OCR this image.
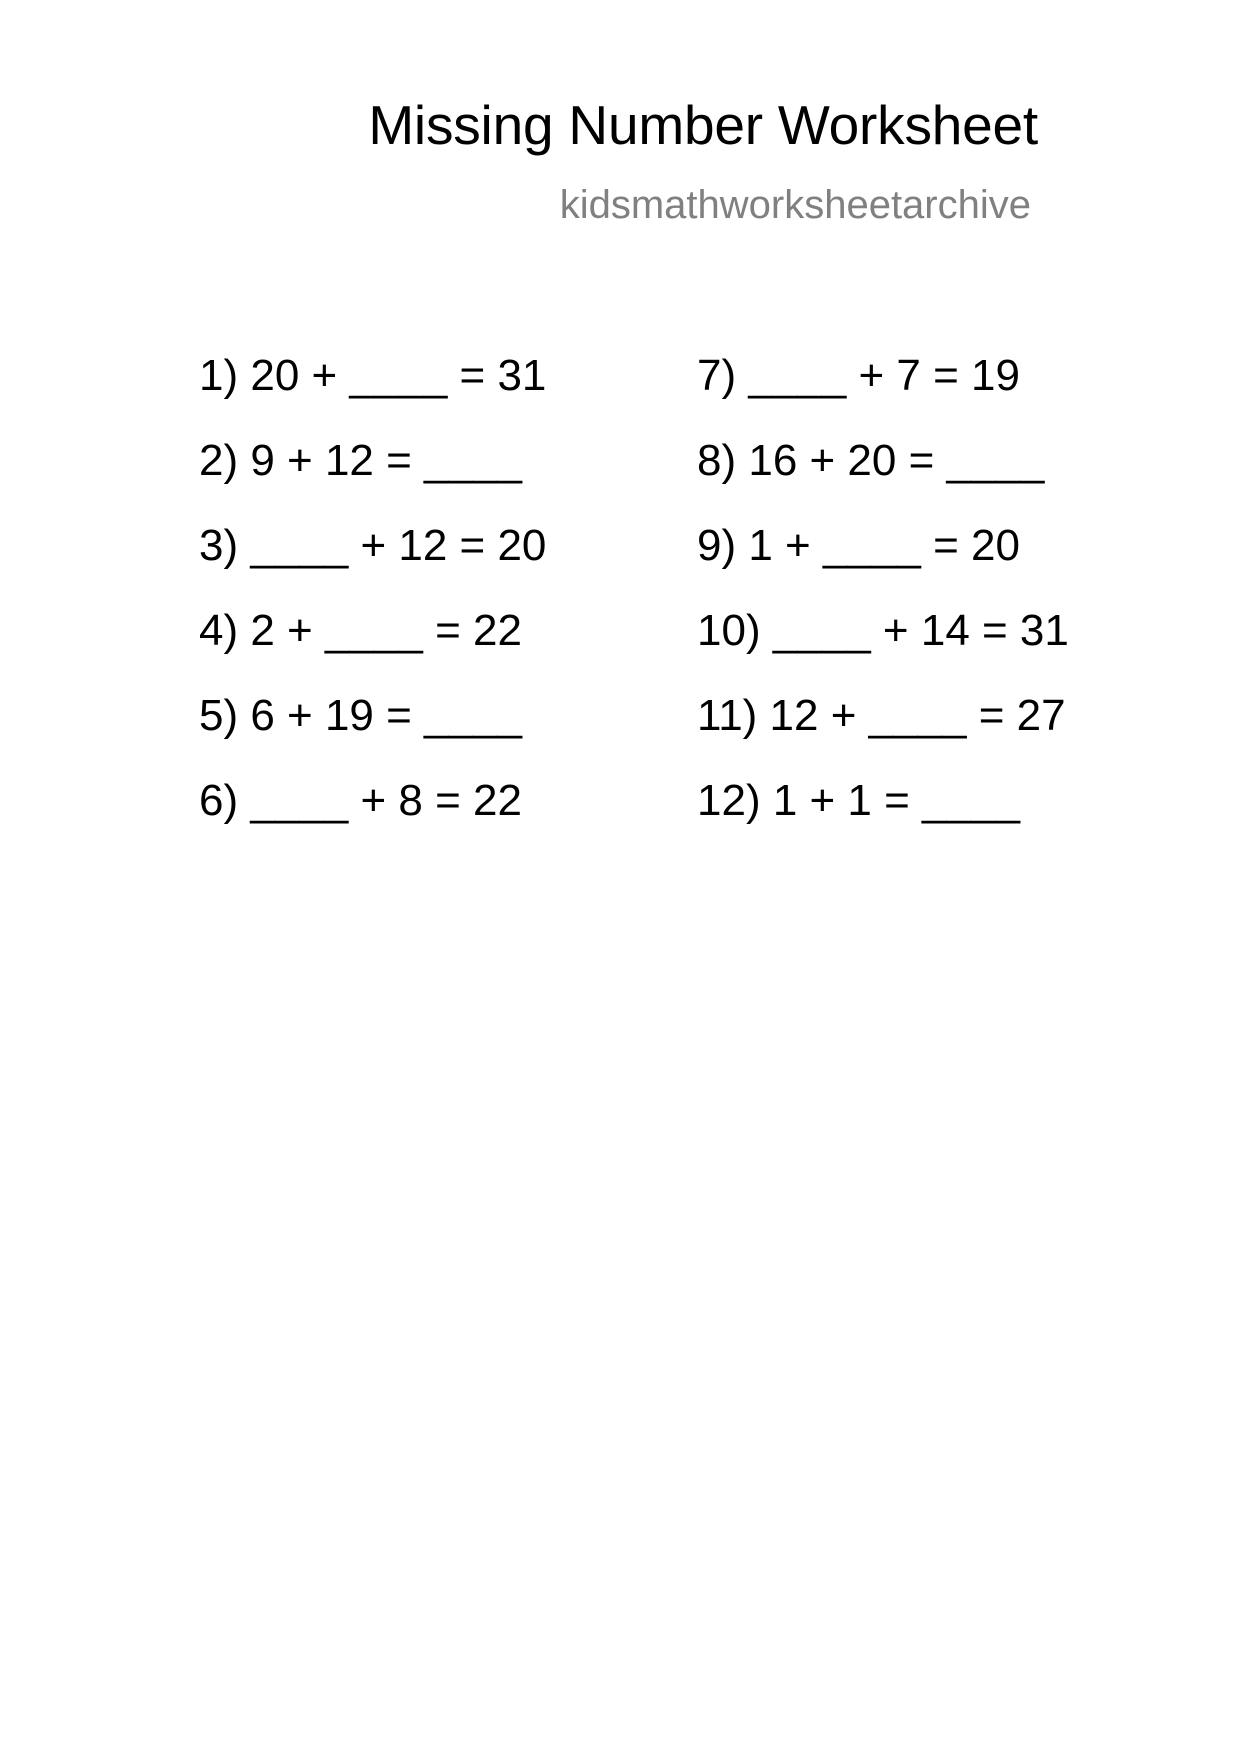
Missing Number Worksheet
kidsmathworksheetarchive
1) 20 + ____ = 31
2) 9 + 12 = ____
3) ____ + 12 = 20
4) 2 + ____ = 22
5) 6 + 19 = ____
6) ____ + 8 = 22
7) ____ + 7 = 19
8) 16 + 20 = ____
9) 1 + ____ = 20
10) ____ + 14 = 31
11) 12 + ____ = 27
12) 1 + 1 = ____
